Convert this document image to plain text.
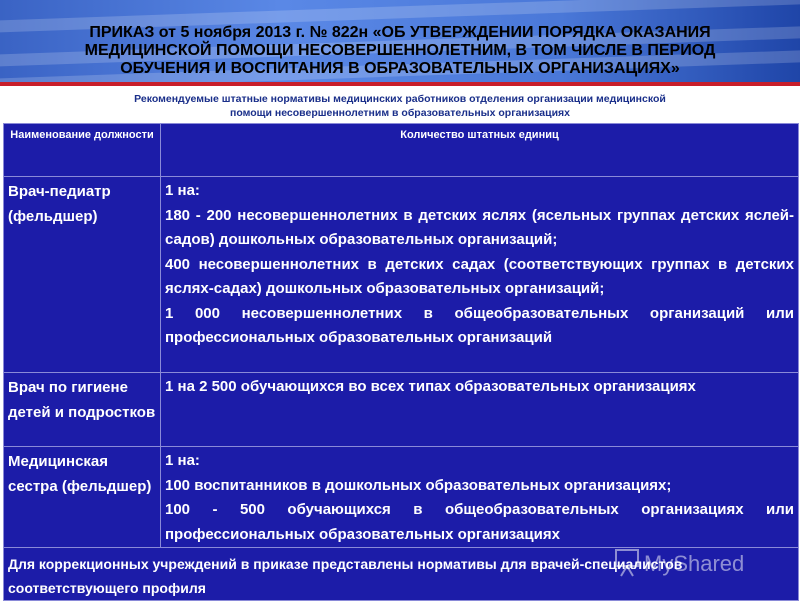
ПРИКАЗ от 5 ноября 2013 г. № 822н «ОБ УТВЕРЖДЕНИИ ПОРЯДКА ОКАЗАНИЯ
МЕДИЦИНСКОЙ ПОМОЩИ НЕСОВЕРШЕННОЛЕТНИМ, В ТОМ ЧИСЛЕ В ПЕРИОД
ОБУЧЕНИЯ И ВОСПИТАНИЯ В ОБРАЗОВАТЕЛЬНЫХ ОРГАНИЗАЦИЯХ»
Рекомендуемые штатные нормативы медицинских работников отделения организации медицинской
помощи несовершеннолетним в образовательных организациях
Наименование должности	Количество штатных единиц
Врач-педиатр (фельдшер)	1 на:
180 - 200 несовершеннолетних в детских яслях (ясельных группах детских яслей-садов) дошкольных образовательных организаций;
400 несовершеннолетних в детских садах (соответствующих группах в детских яслях-садах) дошкольных образовательных организаций;
1 000 несовершеннолетних в общеобразовательных организаций или профессиональных образовательных организаций

Врач по гигиене детей и подростков	1 на 2 500 обучающихся во всех типах образовательных организациях

Медицинская сестра (фельдшер)	1 на:
100 воспитанников в дошкольных образовательных организациях;
100 - 500 обучающихся в общеобразовательных организациях или профессиональных образовательных организациях

Для коррекционных учреждений в приказе представлены нормативы для врачей-специалистов соответствующего профиля	
MyShared
